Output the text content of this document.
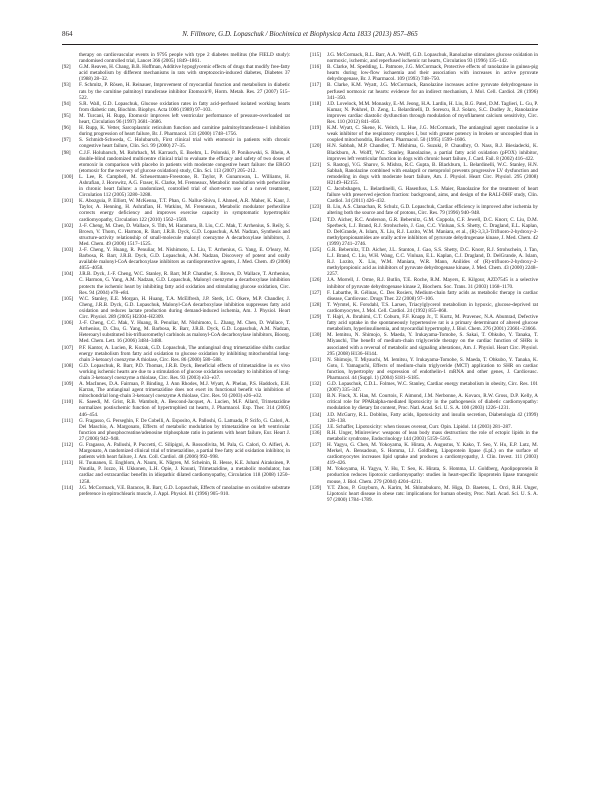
864	N. Fillmore, G.D. Lopaschuk / Biochimica et Biophysica Acta 1833 (2013) 857–865
therapy on cardiovascular events in 9795 people with type 2 diabetes mellitus (the FIELD study): randomised controlled trial, Lancet 366 (2005) 1849–1861.
[92] G.M. Reaven, H. Chang, B.B. Hoffman, Additive hypoglycemic effects of drugs that modify free-fatty acid metabolism by different mechanisms in rats with streptozocin-induced diabetes, Diabetes 37 (1988) 28–32.
[93] F. Schmitz, P. Rösen, H. Reinauer, Improvement of myocardial function and metabolism in diabetic rats by the carnitine palmitoyl transferase inhibitor Etomoxir®, Horm. Metab. Res. 27 (2007) 515–522.
[94] S.R. Wall, G.D. Lopaschuk, Glucose oxidation rates in fatty acid-perfused isolated working hearts from diabetic rats, Biochim. Biophys. Acta 1006 (1989) 97–103.
[95] M. Turcani, H. Rupp, Etomoxir improves left ventricular performance of pressure-overloaded rat heart, Circulation 96 (1997) 3681–3686.
[96] H. Rupp, K. Vetter, Sarcoplasmic reticulum function and carnitine palmitoyltransferase-1 inhibition during progression of heart failure, Br. J. Pharmacol. 131 (2000) 1748–1756.
[97] S. Schmidt-Schweda, C. Holubarsch, First clinical trial with etomoxir in patients with chronic congestive heart failure, Clin. Sci. 99 (2000) 27–35.
[98] C.J.F. Holubarsch, M. Rohrbach, M. Karrasch, E. Boehm, L. Polonski, P. Ponikowski, S. Rhein, A double-blind randomized multicentre clinical trial to evaluate the efficacy and safety of two doses of etomoxir in comparison with placebo in patients with moderate congestive heart failure: the ERGO (etomoxir for the recovery of glucose oxidation) study, Clin. Sci. 113 (2007) 205–212.
[100] L. Lee, R. Campbell, M. Scheuermann-Freestone, R. Taylor, P. Gunaruwan, L. Williams, H. Ashrafian, J. Horowitz, A.G. Fraser, K. Clarke, M. Frenneaux, Metabolic modulation with perhexiline in chronic heart failure: a randomized, controlled trial of short-term use of a novel treatment, Circulation 112 (2005) 3280–3288.
[101] K. Abozguia, P. Elliott, W. McKenna, T.T. Phan, G. Nallur-Shivu, I. Ahmed, A.R. Maher, K. Kaur, J. Taylor, A. Henning, H. Ashrafian, H. Watkins, M. Frenneaux, Metabolic modulator perhexiline corrects energy deficiency and improves exercise capacity in symptomatic hypertrophic cardiomyopathy, Circulation 122 (2010) 1562–1569.
[102] J.-F. Cheng, M. Chen, D. Wallace, S. Tith, M. Haramura, B. Liu, C.C. Mak, T. Arrhenius, S. Reily, S. Brown, V. Thorn, C. Harmon, R. Barr, J.R.B. Dyck, G.D. Lopaschuk, A.M. Nadzan, Synthesis and structure-activity relationship of small-molecule malonyl coenzyme A decarboxylase inhibitors, J. Med. Chem. 49 (2006) 1517–1525.
[103] J.-F. Cheng, Y. Huang, R. Penuliar, M. Nishimoto, L. Liu, T. Arrhenius, G. Yang, E. O'leary, M. Barbosa, R. Barr, J.R.B. Dyck, G.D. Lopaschuk, A.M. Nadzan, Discovery of potent and orally available malonyl-CoA decarboxylase inhibitors as cardioprotective agents, J. Med. Chem. 49 (2006) 4055–4058.
[104] J.R.B. Dyck, J.-F. Cheng, W.C. Stanley, R. Barr, M.P. Chandler, S. Brown, D. Wallace, T. Arrhenius, C. Harmon, G. Yang, A.M. Nadzan, G.D. Lopaschuk, Malonyl coenzyme a decarboxylase inhibition protects the ischemic heart by inhibiting fatty acid oxidation and stimulating glucose oxidation, Circ. Res. 94 (2004) e78–e84.
[105] W.C. Stanley, E.E. Morgan, H. Huang, T.A. McElfresh, J.P. Sterk, I.C. Okere, M.P. Chandler, J. Cheng, J.R.B. Dyck, G.D. Lopaschuk, Malonyl-CoA decarboxylase inhibition suppresses fatty acid oxidation and reduces lactate production during demand-induced ischemia, Am. J. Physiol. Heart Circ. Physiol. 289 (2005) H2304–H2309.
[106] J.-F. Cheng, C.C. Mak, Y. Huang, R. Penuliar, M. Nishimoto, L. Zhang, M. Chen, D. Wallace, T. Arrhenius, D. Chu, G. Yang, M. Barbosa, R. Barr, J.R.B. Dyck, G.D. Lopaschuk, A.M. Nadzan, Heteroaryl substituted bis-trifluoromethyl carbinols as malonyl-CoA decarboxylase inhibitors, Bioorg. Med. Chem. Lett. 16 (2006) 3484–3488.
[107] P.F. Kantor, A. Lucien, R. Kozak, G.D. Lopaschuk, The antianginal drug trimetazidine shifts cardiac energy metabolism from fatty acid oxidation to glucose oxidation by inhibiting mitochondrial long-chain 3-ketoacyl coenzyme A thiolase, Circ. Res. 86 (2000) 580–588.
[108] G.D. Lopaschuk, R. Barr, P.D. Thomas, J.R.B. Dyck, Beneficial effects of trimetazidine in ex vivo working ischemic hearts are due to a stimulation of glucose oxidation secondary to inhibition of long-chain 3-ketoacyl coenzyme a thiolase, Circ. Res. 93 (2003) e33–e37.
[109] A. MacInnes, D.A. Fairman, P. Binding, J. Ann Rhodes, M.J. Wyatt, A. Phelan, P.S. Haddock, E.H. Karran, The antianginal agent trimetazidine does not exert its functional benefit via inhibition of mitochondrial long-chain 3-ketoacyl coenzyme A thiolase, Circ. Res. 93 (2003) e26–e32.
[110] K. Saeedi, M. Grist, R.B. Wambolt, A. Bescond-Jacquet, A. Lucien, M.F. Allard, Trimetazidine normalizes postischemic function of hypertrophied rat hearts, J. Pharmacol. Exp. Ther. 314 (2005) 446–454.
[111] G. Fragasso, G. Perseghin, F. De Cobelli, A. Esposito, A. Palloshi, G. Lattuada, P. Scifo, G. Calori, A. Del Maschio, A. Margonato, Effects of metabolic modulation by trimetazidine on left ventricular function and phosphocreatine/adenosine triphosphate ratio in patients with heart failure, Eur. Heart J. 27 (2006) 942–948.
[112] G. Fragasso, A. Palloshi, P. Puccetti, C. Silipigni, A. Rossodivita, M. Pala, G. Calori, O. Alfieri, A. Margonato, A randomized clinical trial of trimetazidine, a partial free fatty acid oxidation inhibitor, in patients with heart failure, J. Am. Coll. Cardiol. 48 (2006) 992–998.
[113] H. Tuunanen, E. Engblom, A. Naum, K. Någren, M. Scheinin, B. Hesse, K.E. Juhani Airaksinen, P. Nuutila, P. Iozzo, H. Ukkonen, L.H. Opie, J. Knuuti, Trimetazidine, a metabolic modulator, has cardiac and extracardiac benefits in idiopathic dilated cardiomyopathy, Circulation 118 (2008) 1250–1258.
[114] J.G. McCormack, V.E. Baracos, R. Barr, G.D. Lopaschuk, Effects of ranolazine on oxidative substrate preference in epitrochlearis muscle, J. Appl. Physiol. 81 (1996) 905–910.
[115] J.G. McCormack, R.L. Barr, A.A. Wolff, G.D. Lopaschuk, Ranolazine stimulates glucose oxidation in normoxic, ischemic, and reperfused ischemic rat hearts, Circulation 93 (1996) 135–142.
[116] B. Clarke, M. Spedding, L. Patmore, J.G. McCormack, Protective effects of ranolazine in guinea-pig hearts during low-flow ischaemia and their association with increases in active pyruvate dehydrogenase, Br. J. Pharmacol. 109 (1993) 748–750.
[117] B. Clarke, K.M. Wyatt, J.G. McCormack, Ranolazine increases active pyruvate dehydrogenase in perfused normoxic rat hearts: evidence for an indirect mechanism, J. Mol. Cell. Cardiol. 28 (1996) 341–350.
[118] J.D. Lovelock, M.M. Monasky, E.-M. Jeong, H.A. Lardin, H. Liu, B.G. Patel, D.M. Taglieri, L. Gu, P. Kumar, N. Pokhrel, D. Zeng, L. Belardinelli, D. Sorescu, R.J. Solaro, S.C. Dudley Jr., Ranolazine improves cardiac diastolic dysfunction through modulation of myofilament calcium sensitivity, Circ. Res. 110 (2012) 841–850.
[119] K.M. Wyatt, C. Skene, K. Veitch, L. Hue, J.G. McCormack, The antianginal agent ranolazine is a weak inhibitor of the respiratory complex I, but with greater potency in broken or uncoupled than in coupled mitochondria, Biochem. Pharmacol. 50 (1995) 1599–1606.
[120] H.N. Sabbah, M.P. Chandler, T. Mishima, G. Suzuki, P. Chaudhry, O. Nass, R.J. Biesiadecki, K. Blackburn, A. Wolff, W.C. Stanley, Ranolazine, a partial fatty acid oxidation (pFOX) inhibitor, improves left ventricular function in dogs with chronic heart failure, J. Card. Fail. 8 (2002) 416–422.
[121] S. Rastogi, V.G. Sharov, S. Mishra, R.C. Gupta, B. Blackburn, L. Belardinelli, W.C. Stanley, H.N. Sabbah, Ranolazine combined with enalapril or metoprolol prevents progressive LV dysfunction and remodeling in dogs with moderate heart failure, Am. J. Physiol. Heart Circ. Physiol. 295 (2008) H2149–H2155.
[122] C. Jacobshagen, L. Belardinelli, G. Hasenfuss, L.S. Maier, Ranolazine for the treatment of heart failure with preserved ejection fraction: background, aims, and design of the RALI-DHF study, Clin. Cardiol. 34 (2011) 426–432.
[123] B. Liu, A.S. Clanachan, R. Schulz, G.D. Lopaschuk, Cardiac efficiency is improved after ischemia by altering both the source and fate of protons, Circ. Res. 79 (1996) 940–948.
[124] T.D. Aicher, R.C. Anderson, G.R. Bebernitz, G.M. Coppola, C.F. Jewell, D.C. Knorr, C. Liu, D.M. Sperbeck, L.J. Brand, R.J. Strohschein, J. Gao, C.C. Vinluan, S.S. Shetty, C. Dragland, E.L. Kaplan, D. DelGrande, A. Islam, X. Liu, R.J. Lozito, W.M. Maniara, et al., (R)-3,3,3-Trifluoro-2-hydroxy-2-methylpropionamides are orally active inhibitors of pyruvate dehydrogenase kinase, J. Med. Chem. 42 (1999) 2741–2746.
[125] G.R. Bebernitz, T.D. Aicher, J.L. Stanton, J. Gao, S.S. Shetty, D.C. Knorr, R.J. Strohschein, J. Tan, L.J. Brand, C. Liu, W.H. Wang, C.C. Vinluan, E.L. Kaplan, C.J. Dragland, D. DelGrande, A. Islam, R.J. Lozito, X. Liu, W.M. Maniara, W.R. Mann, Anilides of (R)-trifluoro-2-hydroxy-2-methylpropionic acid as inhibitors of pyruvate dehydrogenase kinase, J. Med. Chem. 43 (2000) 2248–2257.
[126] J.A. Morrell, J. Orme, R.J. Butlin, T.E. Roche, R.M. Mayers, E. Kilgour, AZD7545 is a selective inhibitor of pyruvate dehydrogenase kinase 2, Biochem. Soc. Trans. 31 (2003) 1168–1170.
[127] F. Labarthe, R. Gélinas, C. Des Rosiers, Medium-chain fatty acids as metabolic therapy in cardiac disease, Cardiovasc. Drugs Ther. 22 (2008) 97–106.
[128] T. Wymtel, K. Forsdahl, T.S. Larsen, Triacylglycerol metabolism in hypoxic, glucose-deprived rat cardiomyocytes, J. Mol. Cell. Cardiol. 24 (1992) 855–868.
[129] T. Hajri, A. Ibrahimi, C.T. Coburn, F.F. Knapp Jr., T. Kurtz, M. Pravenec, N.A. Abumrad, Defective fatty acid uptake in the spontaneously hypertensive rat is a primary determinant of altered glucose metabolism, hyperinsulinemia, and myocardial hypertrophy, J. Biol. Chem. 276 (2001) 23661–23666.
[130] M. Iemitsu, N. Shimojo, S. Maeda, Y. Irukayama-Tomobe, S. Sakai, T. Ohkubo, Y. Tanaka, T. Miyauchi, The benefit of medium-chain triglyceride therapy on the cardiac function of SHRs is associated with a reversal of metabolic and signaling alterations, Am. J. Physiol. Heart Circ. Physiol. 295 (2008) H136–H144.
[131] N. Shimojo, T. Miyauchi, M. Iemitsu, Y. Irukayama-Tomobe, S. Maeda, T. Ohkubo, Y. Tanaka, K. Goto, I. Yamaguchi, Effects of medium-chain triglyceride (MCT) application to SHR on cardiac function, hypertrophy and expression of endothelin-1 mRNA and other genes, J. Cardiovasc. Pharmacol. 44 (Suppl. 1) (2004) S181–S185.
[132] G.D. Lopaschuk, C.D.L. Folmes, W.C. Stanley, Cardiac energy metabolism in obesity, Circ. Res. 101 (2007) 335–347.
[133] B.N. Finck, X. Han, M. Courtois, F. Aimond, J.M. Nerbonne, A. Kovacs, R.W. Gross, D.P. Kelly, A critical role for PPARalpha-mediated lipotoxicity in the pathogenesis of diabetic cardiomyopathy: modulation by dietary fat content, Proc. Natl. Acad. Sci. U. S. A. 100 (2003) 1226–1231.
[134] J.D. McGarry, R.L. Dobbins, Fatty acids, lipotoxicity and insulin secretion, Diabetologia 42 (1999) 128–138.
[135] J.E. Schaffer, Lipotoxicity: when tissues overeat, Curr. Opin. Lipidol. 14 (2003) 281–287.
[136] R.H. Unger, Minireview: weapons of lean body mass destruction: the role of ectopic lipids in the metabolic syndrome, Endocrinology 144 (2003) 5159–5165.
[137] H. Yagyu, G. Chen, M. Yokoyama, K. Hirata, A. Augustus, Y. Kako, T. Seo, Y. Hu, E.P. Lutz, M. Merkel, A. Bensadoun, S. Homma, I.J. Goldberg, Lipoprotein lipase (LpL) on the surface of cardiomyocytes increases lipid uptake and produces a cardiomyopathy, J. Clin. Invest. 111 (2003) 419–426.
[138] M. Yokoyama, H. Yagyu, Y. Hu, T. Seo, K. Hirata, S. Homma, I.J. Goldberg, Apolipoprotein B production reduces lipotoxic cardiomyopathy: studies in heart-specific lipoprotein lipase transgenic mouse, J. Biol. Chem. 279 (2004) 4204–4211.
[139] Y.T. Zhou, P. Grayburn, A. Karim, M. Shimabukuro, M. Higa, D. Baetens, L. Orci, R.H. Unger, Lipotoxic heart disease in obese rats: implications for human obesity, Proc. Natl. Acad. Sci. U. S. A. 97 (2000) 1784–1789.
